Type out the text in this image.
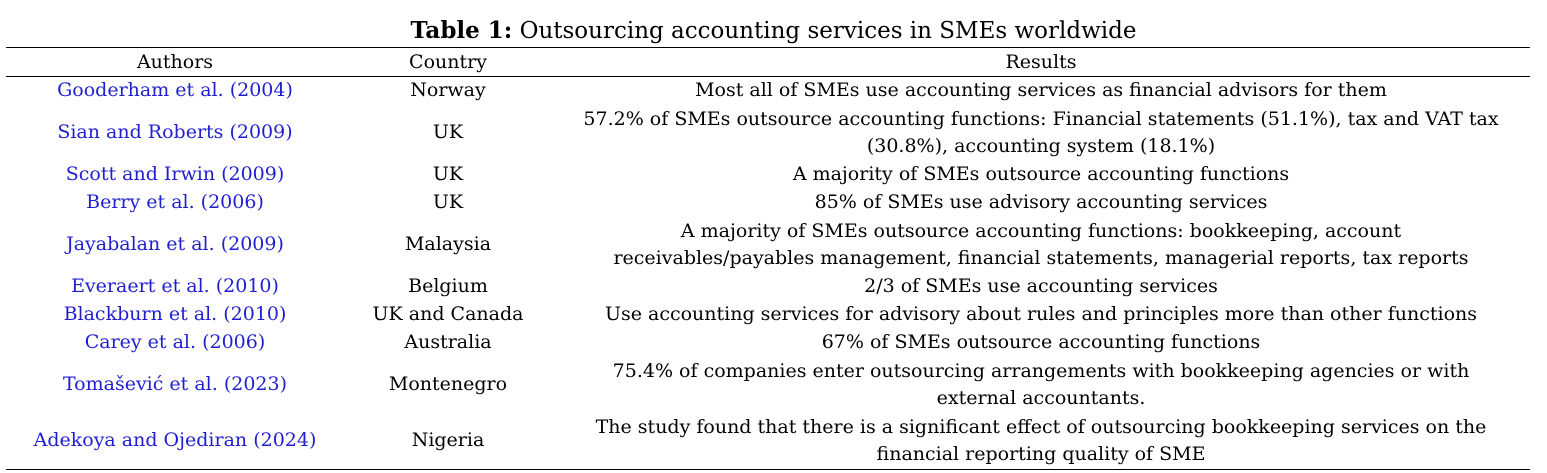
Table 1: Outsourcing accounting services in SMEs worldwide
Authors	Country	Results
Gooderham et al. (2004)	Norway	Most all of SMEs use accounting services as financial advisors for them
Sian and Roberts (2009)	UK	57.2% of SMEs outsource accounting functions: Financial statements (51.1%), tax and VAT tax (30.8%), accounting system (18.1%)
Scott and Irwin (2009)	UK	A majority of SMEs outsource accounting functions
Berry et al. (2006)	UK	85% of SMEs use advisory accounting services
Jayabalan et al. (2009)	Malaysia	A majority of SMEs outsource accounting functions: bookkeeping, account receivables/payables management, financial statements, managerial reports, tax reports
Everaert et al. (2010)	Belgium	2/3 of SMEs use accounting services
Blackburn et al. (2010)	UK and Canada	Use accounting services for advisory about rules and principles more than other functions
Carey et al. (2006)	Australia	67% of SMEs outsource accounting functions
Tomašević et al. (2023)	Montenegro	75.4% of companies enter outsourcing arrangements with bookkeeping agencies or with external accountants.
Adekoya and Ojediran (2024)	Nigeria	The study found that there is a significant effect of outsourcing bookkeeping services on the financial reporting quality of SME
